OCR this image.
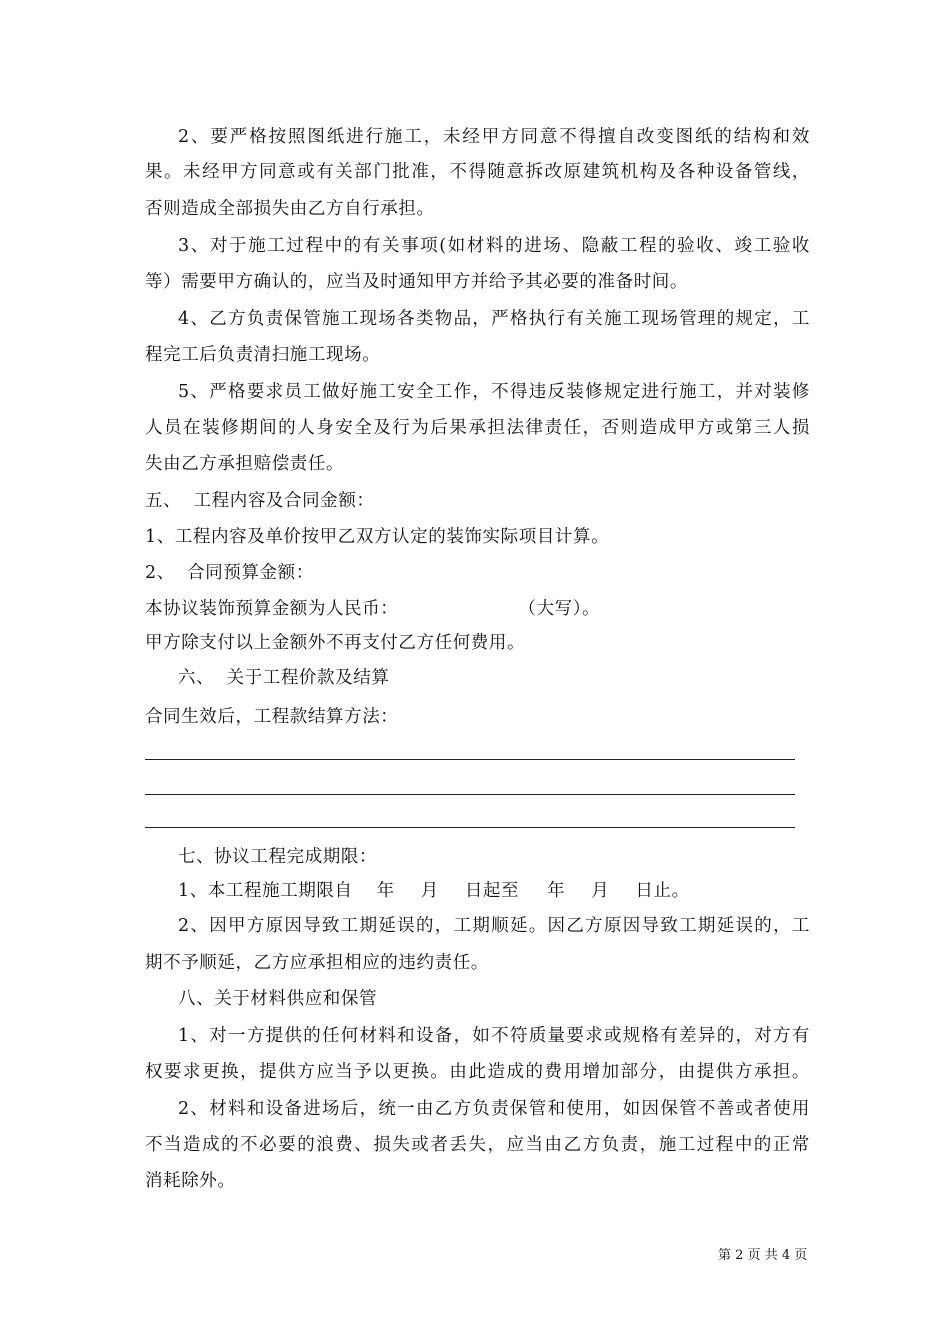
2、要严格按照图纸进行施工，未经甲方同意不得擅自改变图纸的结构和效
果。未经甲方同意或有关部门批准，不得随意拆改原建筑机构及各种设备管线，
否则造成全部损失由乙方自行承担。
3、对于施工过程中的有关事项(如材料的进场、隐蔽工程的验收、竣工验收
等）需要甲方确认的，应当及时通知甲方并给予其必要的准备时间。
4、乙方负责保管施工现场各类物品，严格执行有关施工现场管理的规定，工
程完工后负责清扫施工现场。
5、严格要求员工做好施工安全工作，不得违反装修规定进行施工，并对装修
人员在装修期间的人身安全及行为后果承担法律责任，否则造成甲方或第三人损
失由乙方承担赔偿责任。
五、  工程内容及合同金额：
1、工程内容及单价按甲乙双方认定的装饰实际项目计算。
2、  合同预算金额：
本协议装饰预算金额为人民币：	（大写）。
甲方除支付以上金额外不再支付乙方任何费用。
六、  关于工程价款及结算
合同生效后，工程款结算方法：
七、协议工程完成期限：
1、本工程施工期限自 年 月 日起至 年 月 日止。
2、因甲方原因导致工期延误的，工期顺延。因乙方原因导致工期延误的，工
期不予顺延，乙方应承担相应的违约责任。
八、关于材料供应和保管
1、对一方提供的任何材料和设备，如不符质量要求或规格有差异的，对方有
权要求更换，提供方应当予以更换。由此造成的费用增加部分，由提供方承担。
2、材料和设备进场后，统一由乙方负责保管和使用，如因保管不善或者使用
不当造成的不必要的浪费、损失或者丢失，应当由乙方负责，施工过程中的正常
消耗除外。
第 2 页 共 4 页
